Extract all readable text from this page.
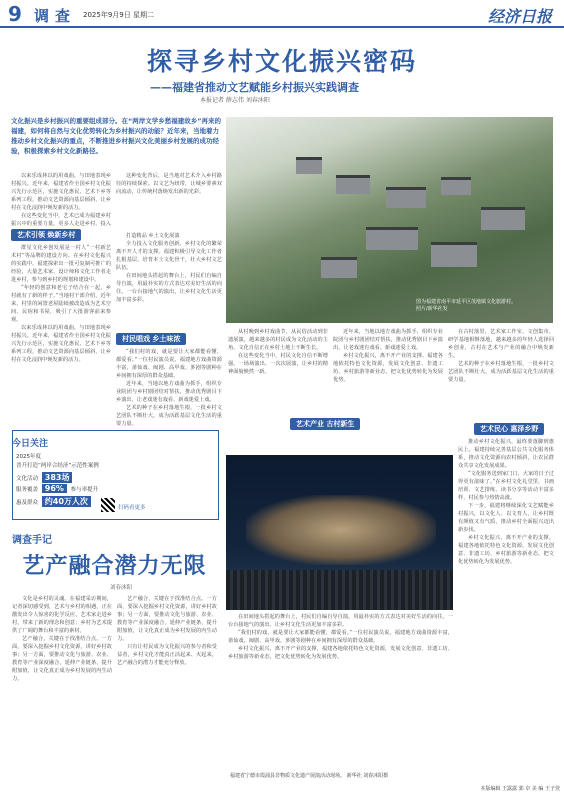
9 调查 2025年9月9日 星期二	经济日报
探寻乡村文化振兴密码
——福建省推动文艺赋能乡村振兴实践调查
本报记者 薛志伟 刘春沐阳
文化振兴是乡村振兴的重要组成部分。在“两岸文学乡愁福建故乡”再来的福建，如何将自然与文化优势转化为乡村振兴的动能？近年来，当地着力推动乡村文化振兴的重点，不断推进乡村振兴文化美丽乡村发展的成功经验，积极探索乡村文化新路径。
图为福建省南平市延平区茂地镇文化旅游村。
照片/新华社发

以来乐成林以的用戏曲，与田地表现乡村振兴。近年来，福建省作全国乡村文化振兴先行示范区，实施文化惠民、艺术下乡等系列工程，推动文艺资源向基层倾斜，让乡村在文化浸润中焕发新的活力。

在这些变化当中，艺术已成为福建乡村振兴中的重要力量。更多人走进乡村、投入

这种变化背后，是当地对艺术介入乡村路径的持续探索。以文艺为纽带，让城乡要素双向流动，让传统村落焕发出新的光彩。

艺术引领 焕新乡村

群星文化乡创发展是一村人“一村新艺术村”等品牌的建设方向。在乡村文化振兴的实践中，福建探索出一批可复制可推广的经验，大量艺术家、设计师和文化工作者走进乡村，参与到乡村的规划和建设中。

“年轻的创意和老宅子结合在一起，乡村就有了新的样子。”当地村干部介绍，近年来，村里的闲置老屋陆续被改造成为艺术空间、民宿和书屋，吸引了大批游客前来参观。

以来乐成林以的用戏曲，与田地表现乡村振兴。近年来，福建省作全国乡村文化振兴先行示范区，实施文化惠民、艺术下乡等系列工程，推动文艺资源向基层倾斜，让乡村在文化浸润中焕发新的活力。

打造精品 乡土文化展演

全力投入文化服务创新。乡村文化的繁荣离不开人才的支撑。福建积极引导文化工作者扎根基层，培育本土文化骨干，壮大乡村文艺队伍。

在田间地头搭起的舞台上，村民们自编自导自演，用最朴实的方式表达对美好生活的向往。一台台接地气的演出，让乡村文化生活更加丰富多彩。

村民唱戏 乡土味浓

“我们村的戏，就是要让大家都能看懂、都爱看。”一位村民演员说。福建地方戏曲资源丰富，莆仙戏、闽剧、高甲戏、芗剧等剧种在乡间拥有深厚的群众基础。

近年来，当地以地方戏曲为抓手，组织专业院团与乡村剧团结对帮扶，推动优秀剧目下乡演出，让老戏迷有戏看、新戏迷爱上戏。

艺术的种子在乡村落地生根，一批乡村文艺团队不断壮大，成为活跃基层文化生活的重要力量。

从村晚到乡村戏曲节，从民俗活动到非遗展演，越来越多的村民成为文化活动的主角。文化自信正在乡村土地上不断生长。

在这些变化当中，村民文化自信不断增强。一场场演出、一次次展演，让乡村的精神面貌焕然一新。

近年来，当地以地方戏曲为抓手，组织专业院团与乡村剧团结对帮扶，推动优秀剧目下乡演出，让老戏迷有戏看、新戏迷爱上戏。

乡村文化振兴，离不开产业的支撑。福建各地依托特色文化资源，发展文化创意、非遗工坊、乡村旅游等新业态，把文化优势转化为发展优势。

艺术产业 古村新生

在古村落里，艺术家工作室、文创集市、研学基地相继落地，越来越多的年轻人选择回乡创业，古村在艺术与产业的融合中焕发新生。

艺术的种子在乡村落地生根，一批乡村文艺团队不断壮大，成为活跃基层文化生活的重要力量。

艺术民心 惠泽乡野

推动乡村文化振兴，最终要落脚到惠民上。福建持续完善基层公共文化服务体系，推动文化资源向农村倾斜，让农民群众共享文化发展成果。

“文化服务送到家门口，大家的日子过得更有滋味了。”在乡村文化礼堂里，书画培训、文艺排练、读书分享等活动丰富多样，村民参与热情高涨。

下一步，福建将继续深化文艺赋能乡村振兴，以文化人、以文育人，让乡村既有颜值又有气质，推动乡村全面振兴迈出新步伐。

乡村文化振兴，离不开产业的支撑。福建各地依托特色文化资源，发展文化创意、非遗工坊、乡村旅游等新业态，把文化优势转化为发展优势。

在田间地头搭起的舞台上，村民们自编自导自演，用最朴实的方式表达对美好生活的向往。一台台接地气的演出，让乡村文化生活更加丰富多彩。

“我们村的戏，就是要让大家都能看懂、都爱看。”一位村民演员说。福建地方戏曲资源丰富，莆仙戏、闽剧、高甲戏、芗剧等剧种在乡间拥有深厚的群众基础。

乡村文化振兴，离不开产业的支撑。福建各地依托特色文化资源，发展文化创意、非遗工坊、乡村旅游等新业态，把文化优势转化为发展优势。

福建省宁德市霞浦县非物质文化遗产展演活动现场。 新华社 刘春沐阳摄
今日关注
2025年度
晋升打造“两岸合经济”示范性案例
文化活动 383场
服务覆盖 96% 参与率提升
惠及群众 约40万人次
扫码看更多
调查手记
艺产融合潜力无限
刘春沐阳

文化是乡村的灵魂。在福建采访期间，记者深切感受到，艺术与乡村的相遇，正在激发出令人惊喜的化学反应。艺术家走进乡村，带来了新的理念和创意；乡村为艺术提供了广阔的舞台和丰富的素材。

艺产融合，关键在于找准结合点。一方面，要深入挖掘乡村文化资源，讲好乡村故事；另一方面，要推动文化与旅游、农业、教育等产业深度融合，延伸产业链条，提升附加值，让文化真正成为乡村发展的内生动力。

艺产融合，关键在于找准结合点。一方面，要深入挖掘乡村文化资源，讲好乡村故事；另一方面，要推动文化与旅游、农业、教育等产业深度融合，延伸产业链条，提升附加值，让文化真正成为乡村发展的内生动力。

只有让村民成为文化振兴的参与者和受益者，乡村文化才能真正活起来、火起来，艺产融合的潜力才能充分释放。

本版编辑 王露露 郭 卓 美 编 王子萱
